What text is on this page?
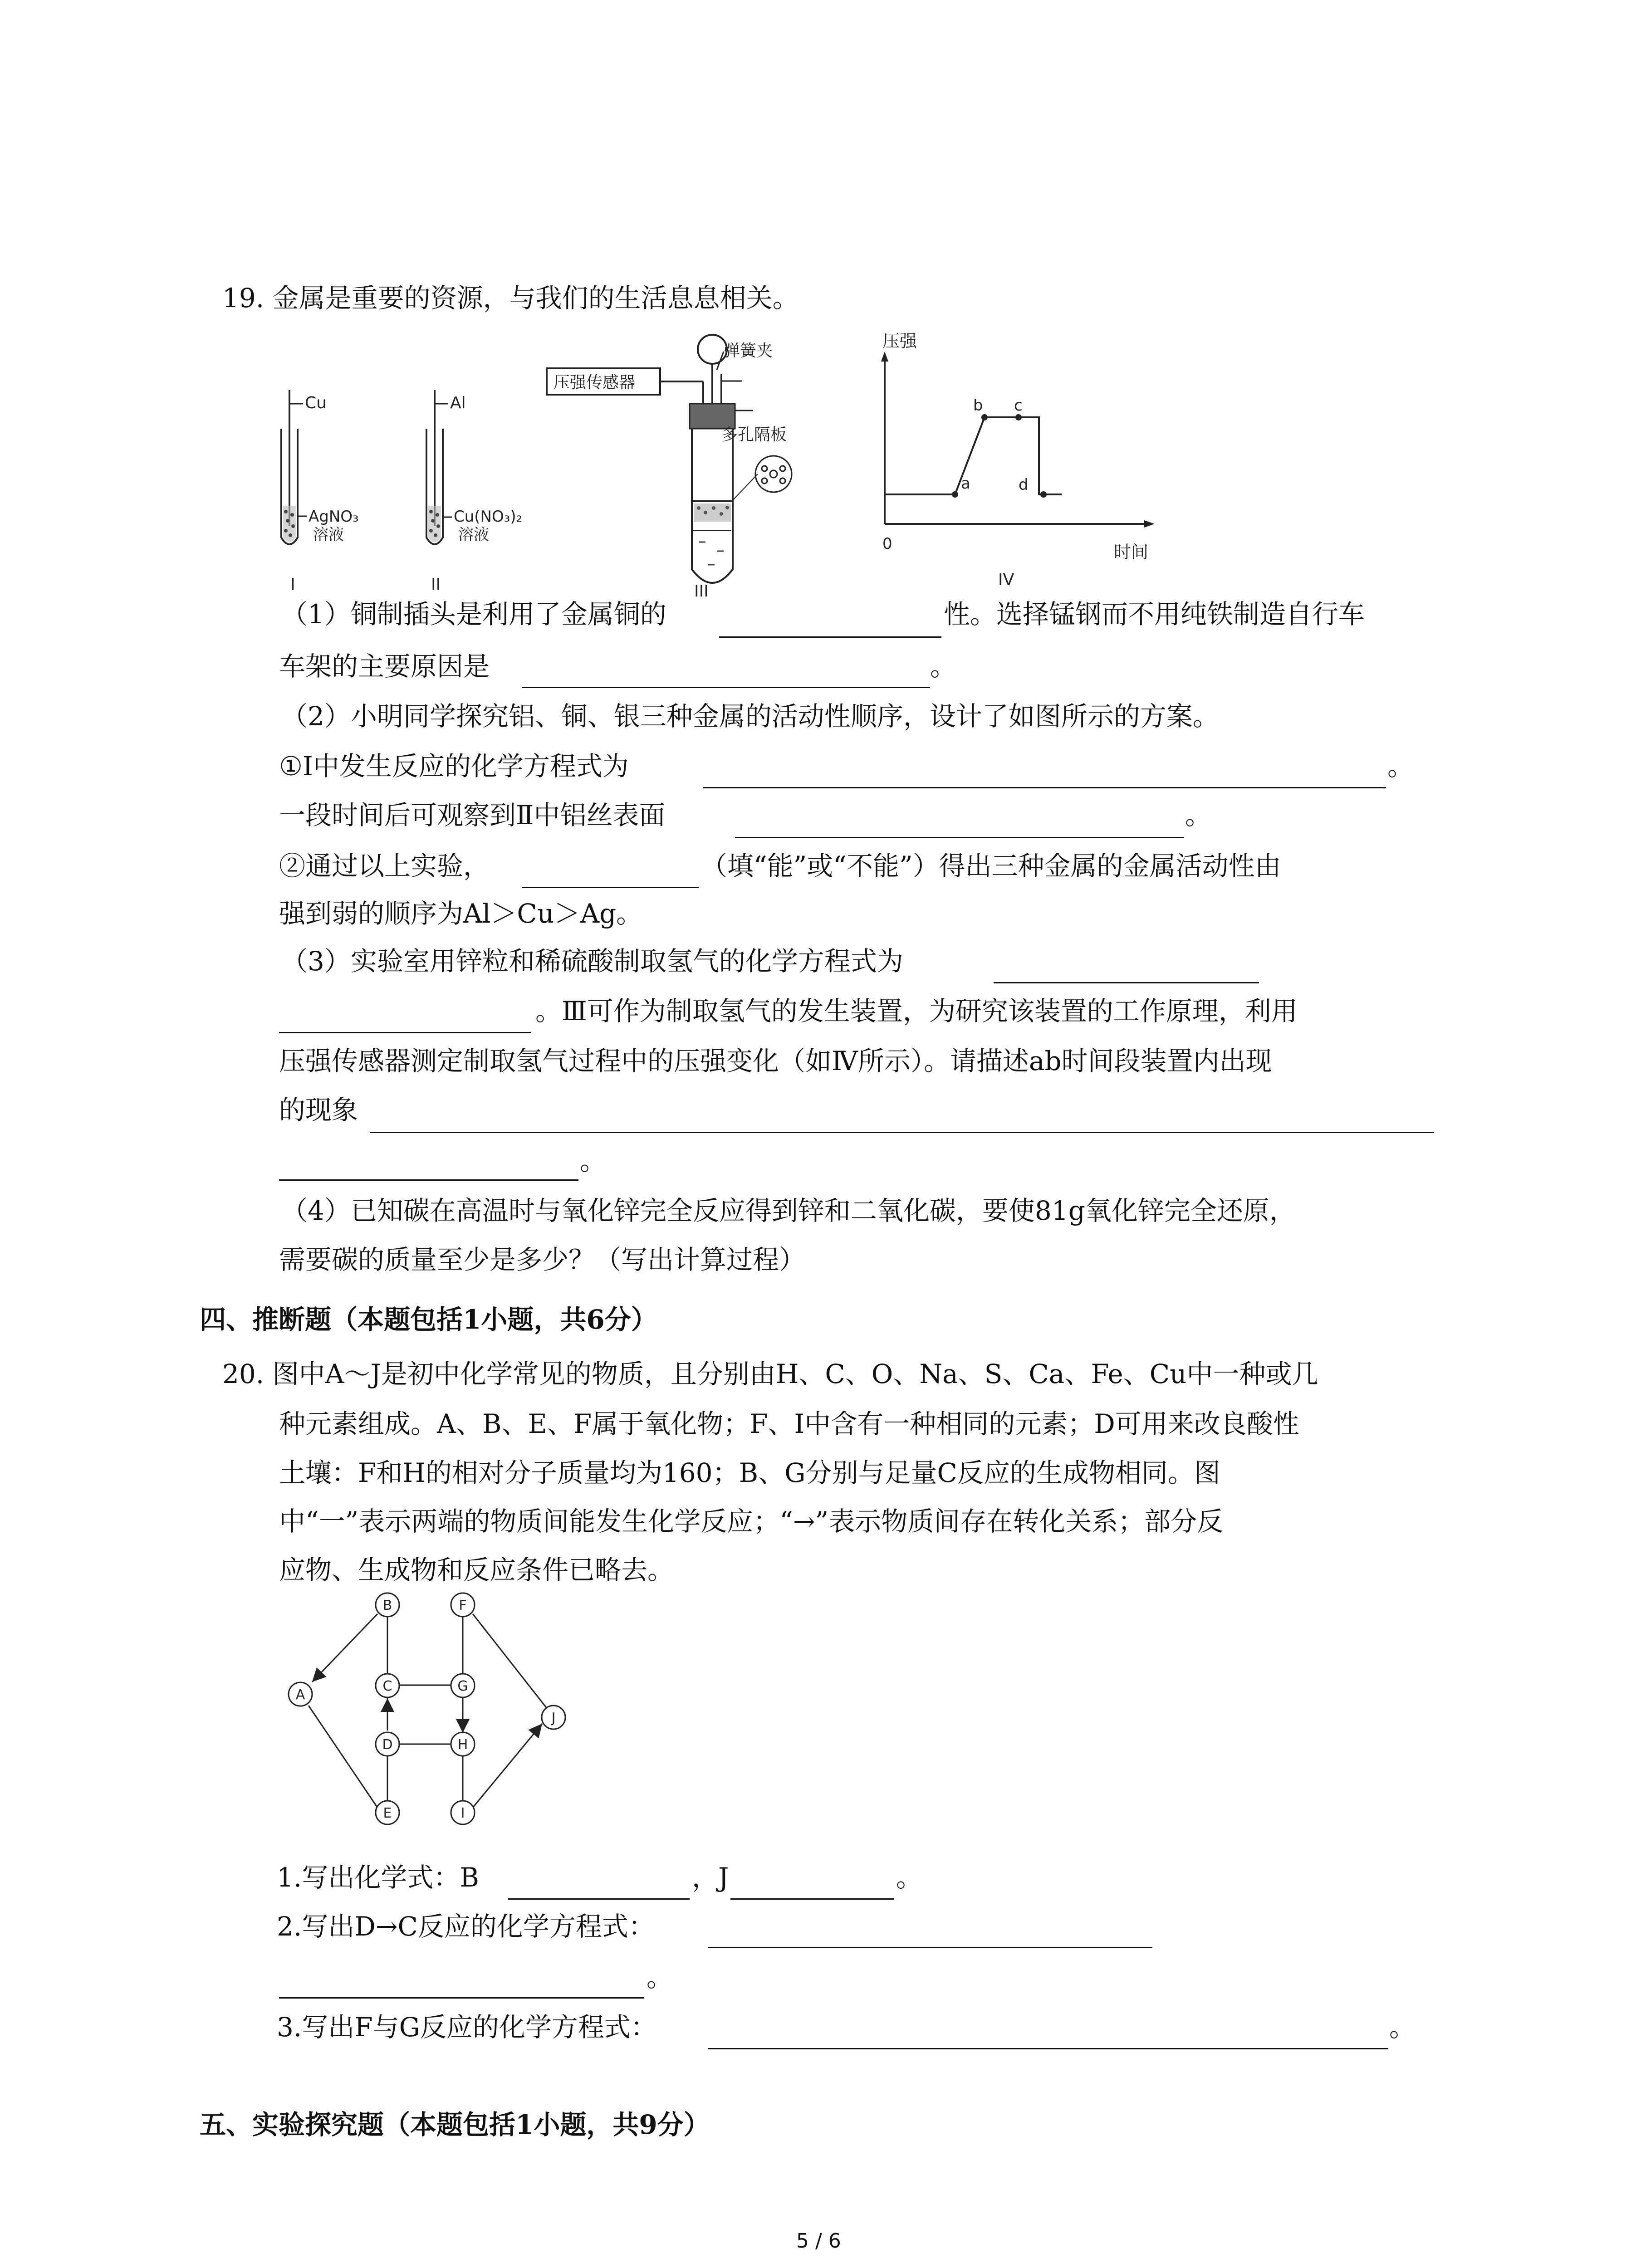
19. 金属是重要的资源，与我们的生活息息相关。
Cu
AgNO₃
溶液
I
Al
Cu(NO₃)₂
溶液
II
压强传感器
弹簧夹
多孔隔板
III
压强
0	时间
a
b c
d
IV
（1）铜制插头是利用了金属铜的	性。选择锰钢而不用纯铁制造自行车
车架的主要原因是	。
（2）小明同学探究铝、铜、银三种金属的活动性顺序，设计了如图所示的方案。
①Ⅰ中发生反应的化学方程式为	。
一段时间后可观察到Ⅱ中铝丝表面	。
②通过以上实验，	（填“能”或“不能”）得出三种金属的金属活动性由
强到弱的顺序为Al＞Cu＞Ag。
（3）实验室用锌粒和稀硫酸制取氢气的化学方程式为
。Ⅲ可作为制取氢气的发生装置，为研究该装置的工作原理，利用
压强传感器测定制取氢气过程中的压强变化（如Ⅳ所示）。请描述ab时间段装置内出现
的现象
。
（4）已知碳在高温时与氧化锌完全反应得到锌和二氧化碳，要使81g氧化锌完全还原，
需要碳的质量至少是多少？（写出计算过程）
四、推断题（本题包括1小题，共6分）
20. 图中A～J是初中化学常见的物质，且分别由H、C、O、Na、S、Ca、Fe、Cu中一种或几
种元素组成。A、B、E、F属于氧化物；F、I中含有一种相同的元素；D可用来改良酸性
土壤：F和H的相对分子质量均为160；B、G分别与足量C反应的生成物相同。图
中“一”表示两端的物质间能发生化学反应；“→”表示物质间存在转化关系；部分反
应物、生成物和反应条件已略去。
A
B
C
D
E
F
G
H
I
J
1.写出化学式：B	，J	。
2.写出D→C反应的化学方程式：
。
3.写出F与G反应的化学方程式：	。
五、实验探究题（本题包括1小题，共9分）
5 / 6
